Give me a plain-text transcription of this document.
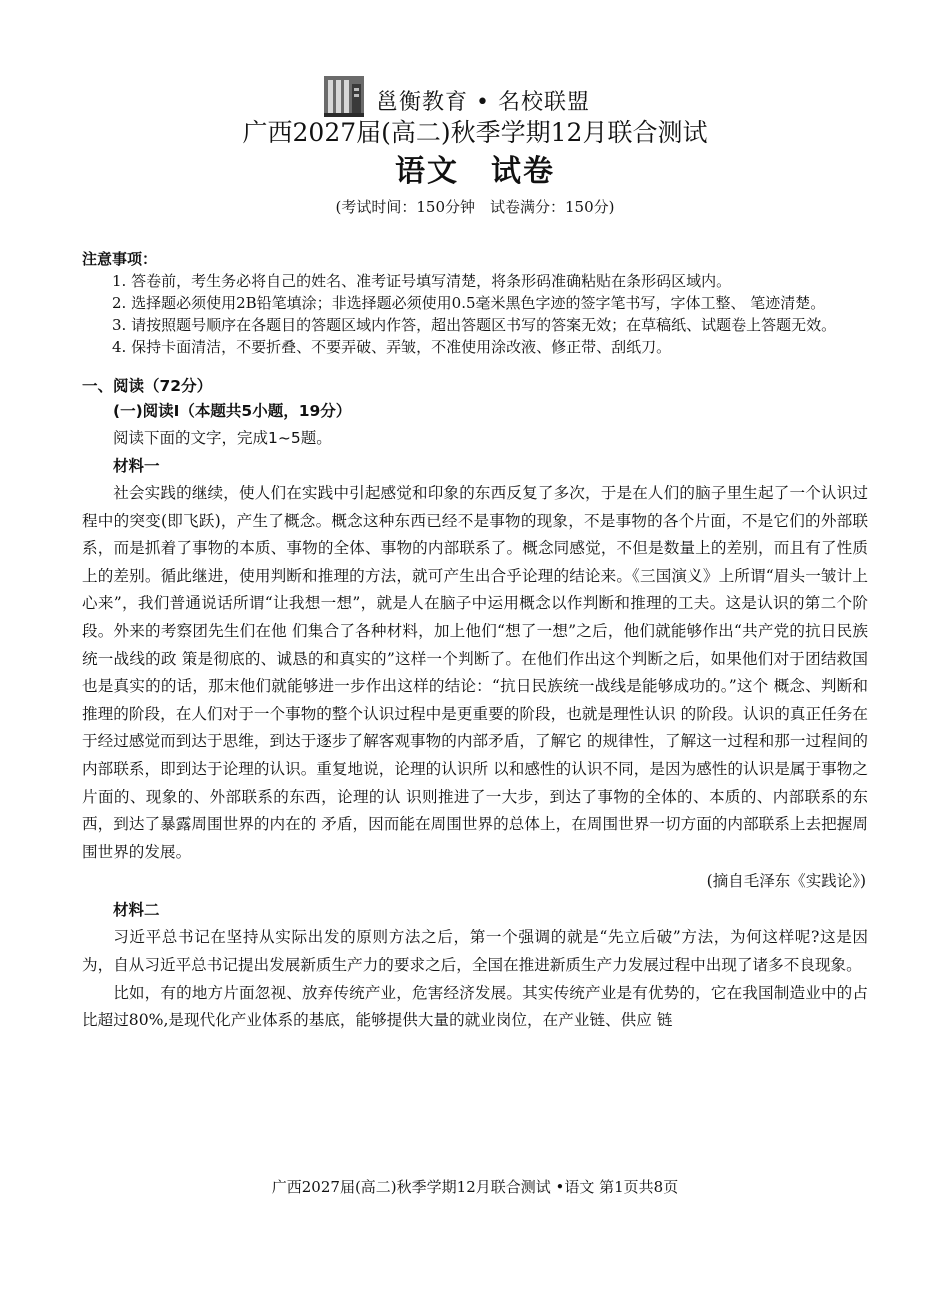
邕衡教育 • 名校联盟
广西2027届(高二)秋季学期12月联合测试
语文　试卷
(考试时间：150分钟　试卷满分：150分)
注意事项：

1. 答卷前，考生务必将自己的姓名、准考证号填写清楚，将条形码准确粘贴在条形码区域内。

2. 选择题必须使用2B铅笔填涂；非选择题必须使用0.5毫米黑色字迹的签字笔书写，字体工整、 笔迹清楚。

3. 请按照题号顺序在各题目的答题区域内作答，超出答题区书写的答案无效；在草稿纸、试题卷上答题无效。

4. 保持卡面清洁，不要折叠、不要弄破、弄皱，不准使用涂改液、修正带、刮纸刀。

一、阅读（72分）
(一)阅读Ⅰ（本题共5小题，19分）
阅读下面的文字，完成1~5题。
材料一

社会实践的继续，使人们在实践中引起感觉和印象的东西反复了多次，于是在人们的脑子里生起了一个认识过程中的突变(即飞跃)，产生了概念。概念这种东西已经不是事物的现象，不是事物的各个片面，不是它们的外部联系，而是抓着了事物的本质、事物的全体、事物的内部联系了。概念同感觉，不但是数量上的差别，而且有了性质上的差别。循此继进，使用判断和推理的方法，就可产生出合乎论理的结论来。《三国演义》上所谓“眉头一皱计上心来”，我们普通说话所谓“让我想一想”，就是人在脑子中运用概念以作判断和推理的工夫。这是认识的第二个阶段。外来的考察团先生们在他 们集合了各种材料，加上他们“想了一想”之后，他们就能够作出“共产党的抗日民族统一战线的政 策是彻底的、诚恳的和真实的”这样一个判断了。在他们作出这个判断之后，如果他们对于团结救国 也是真实的的话，那末他们就能够进一步作出这样的结论：“抗日民族统一战线是能够成功的。”这个 概念、判断和推理的阶段，在人们对于一个事物的整个认识过程中是更重要的阶段，也就是理性认识 的阶段。认识的真正任务在于经过感觉而到达于思维，到达于逐步了解客观事物的内部矛盾，了解它 的规律性，了解这一过程和那一过程间的内部联系，即到达于论理的认识。重复地说，论理的认识所 以和感性的认识不同，是因为感性的认识是属于事物之片面的、现象的、外部联系的东西，论理的认 识则推进了一大步，到达了事物的全体的、本质的、内部联系的东西，到达了暴露周围世界的内在的 矛盾，因而能在周围世界的总体上，在周围世界一切方面的内部联系上去把握周围世界的发展。

(摘自毛泽东《实践论》)
材料二

习近平总书记在坚持从实际出发的原则方法之后，第一个强调的就是“先立后破”方法，为何这样呢?这是因为，自从习近平总书记提出发展新质生产力的要求之后，全国在推进新质生产力发展过程中出现了诸多不良现象。

比如，有的地方片面忽视、放弃传统产业，危害经济发展。其实传统产业是有优势的，它在我国制造业中的占比超过80%,是现代化产业体系的基底，能够提供大量的就业岗位，在产业链、供应 链

广西2027届(高二)秋季学期12月联合测试 •语文 第1页共8页
